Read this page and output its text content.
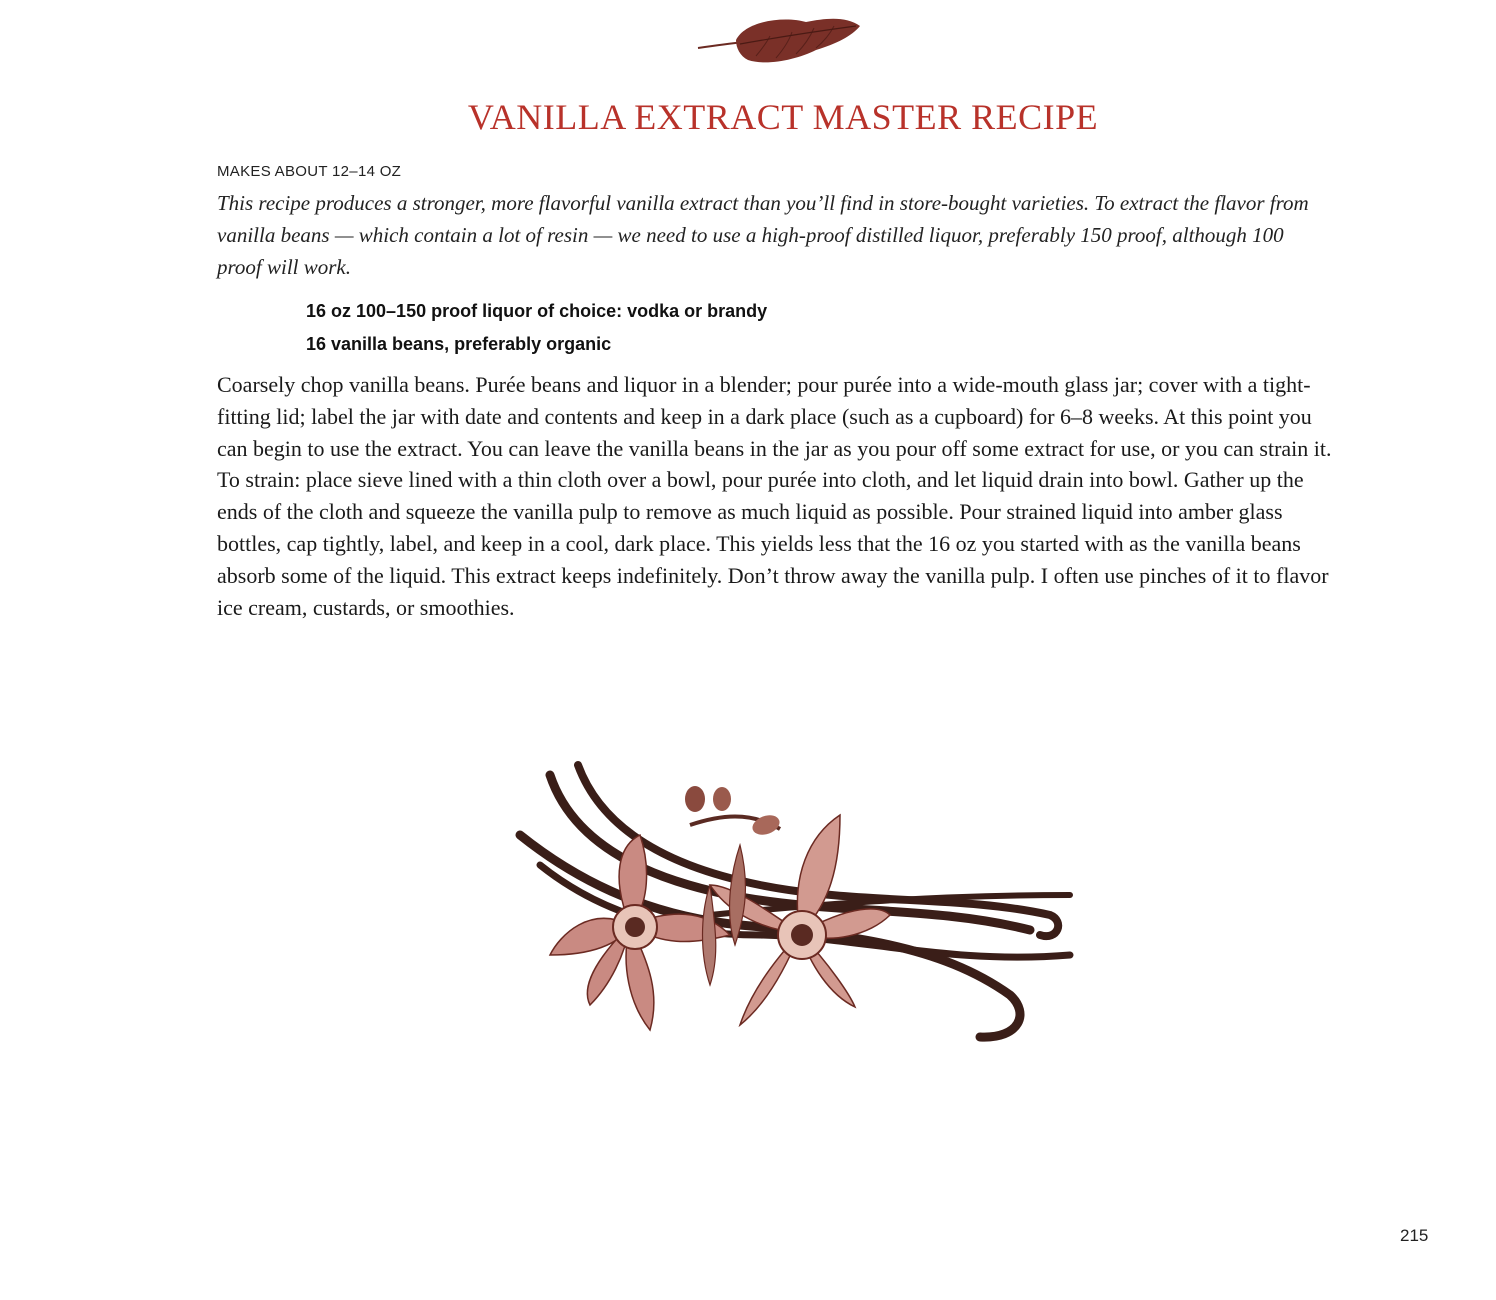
VANILLA EXTRACT MASTER RECIPE
MAKES ABOUT 12–14 OZ

This recipe produces a stronger, more flavorful vanilla extract than you’ll find in store-bought varieties. To extract the flavor from vanilla beans — which contain a lot of resin — we need to use a high-proof distilled liquor, preferably 150 proof, although 100 proof will work.

16 oz 100–150 proof liquor of choice: vodka or brandy
16 vanilla beans, preferably organic

Coarsely chop vanilla beans. Purée beans and liquor in a blender; pour purée into a wide-mouth glass jar; cover with a tight-fitting lid; label the jar with date and contents and keep in a dark place (such as a cupboard) for 6–8 weeks. At this point you can begin to use the extract. You can leave the vanilla beans in the jar as you pour off some extract for use, or you can strain it. To strain: place sieve lined with a thin cloth over a bowl, pour purée into cloth, and let liquid drain into bowl. Gather up the ends of the cloth and squeeze the vanilla pulp to remove as much liquid as possible. Pour strained liquid into amber glass bottles, cap tightly, label, and keep in a cool, dark place. This yields less that the 16 oz you started with as the vanilla beans absorb some of the liquid. This extract keeps indefinitely. Don’t throw away the vanilla pulp. I often use pinches of it to flavor ice cream, custards, or smoothies.

215
